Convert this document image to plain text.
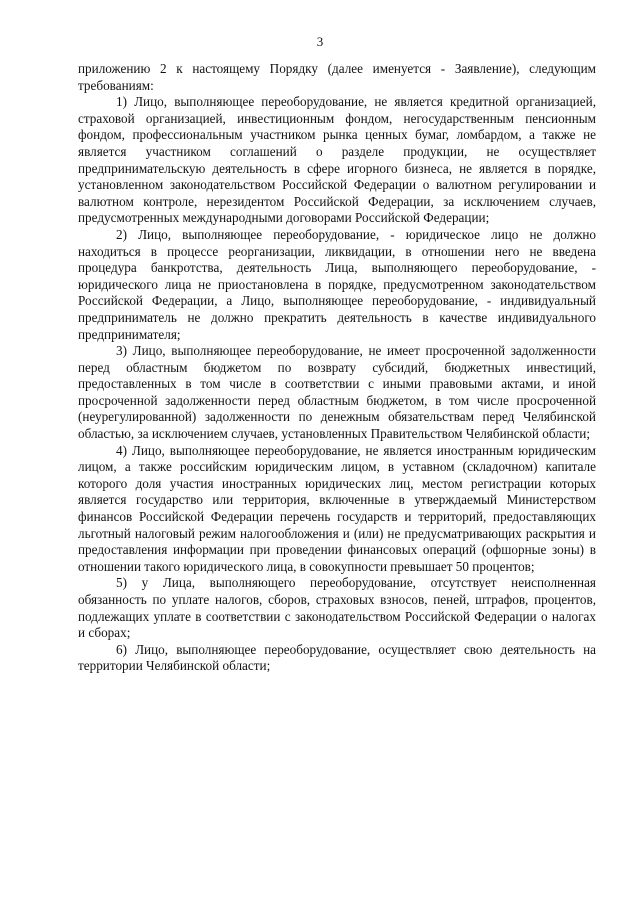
3

приложению 2 к настоящему Порядку (далее именуется - Заявление), следующим требованиям:

1) Лицо, выполняющее переоборудование, не является кредитной организацией, страховой организацией, инвестиционным фондом, негосударственным пенсионным фондом, профессиональным участником рынка ценных бумаг, ломбардом, а также не является участником соглашений о разделе продукции, не осуществляет предпринимательскую деятельность в сфере игорного бизнеса, не является в порядке, установленном законодательством Российской Федерации о валютном регулировании и валютном контроле, нерезидентом Российской Федерации, за исключением случаев, предусмотренных международными договорами Российской Федерации;

2) Лицо, выполняющее переоборудование, - юридическое лицо не должно находиться в процессе реорганизации, ликвидации, в отношении него не введена процедура банкротства, деятельность Лица, выполняющего переоборудование, - юридического лица не приостановлена в порядке, предусмотренном законодательством Российской Федерации, а Лицо, выполняющее переоборудование, - индивидуальный предприниматель не должно прекратить деятельность в качестве индивидуального предпринимателя;

3) Лицо, выполняющее переоборудование, не имеет просроченной задолженности перед областным бюджетом по возврату субсидий, бюджетных инвестиций, предоставленных в том числе в соответствии с иными правовыми актами, и иной просроченной задолженности перед областным бюджетом, в том числе просроченной (неурегулированной) задолженности по денежным обязательствам перед Челябинской областью, за исключением случаев, установленных Правительством Челябинской области;

4) Лицо, выполняющее переоборудование, не является иностранным юридическим лицом, а также российским юридическим лицом, в уставном (складочном) капитале которого доля участия иностранных юридических лиц, местом регистрации которых является государство или территория, включенные в утверждаемый Министерством финансов Российской Федерации перечень государств и территорий, предоставляющих льготный налоговый режим налогообложения и (или) не предусматривающих раскрытия и предоставления информации при проведении финансовых операций (офшорные зоны) в отношении такого юридического лица, в совокупности превышает 50 процентов;

5) у Лица, выполняющего переоборудование, отсутствует неисполненная обязанность по уплате налогов, сборов, страховых взносов, пеней, штрафов, процентов, подлежащих уплате в соответствии с законодательством Российской Федерации о налогах и сборах;

6) Лицо, выполняющее переоборудование, осуществляет свою деятельность на территории Челябинской области;
